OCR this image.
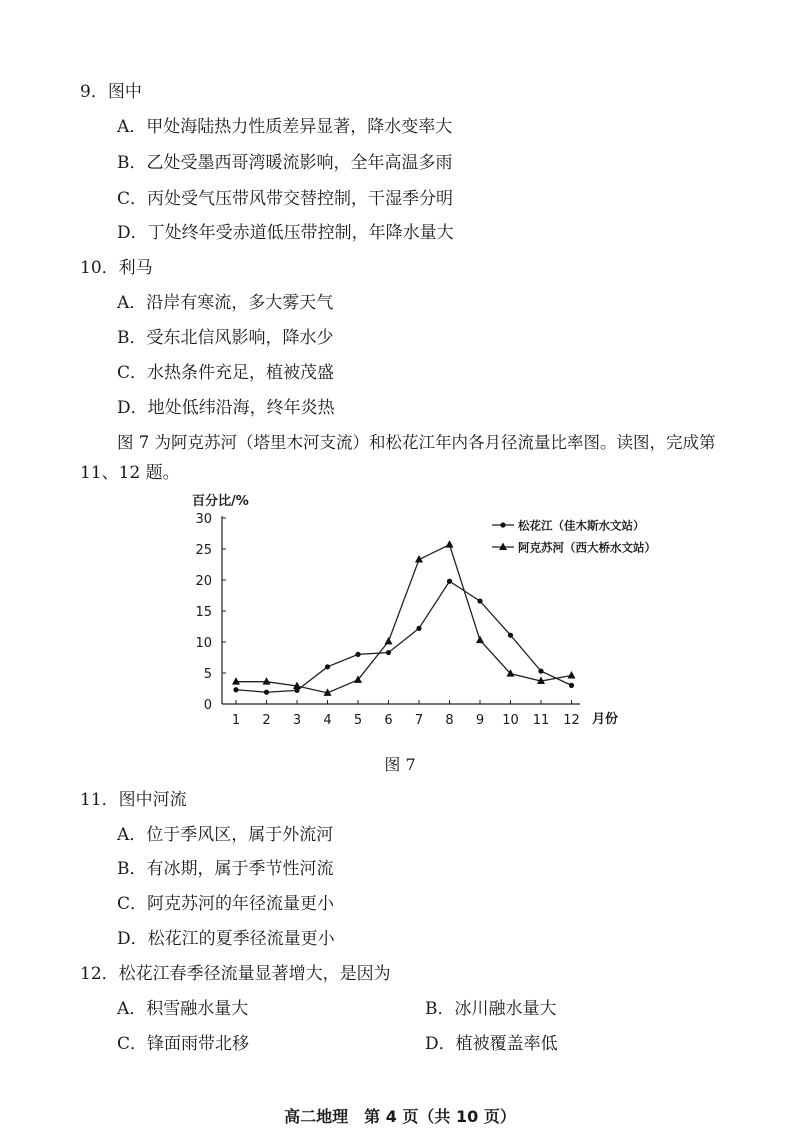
9．图中
A．甲处海陆热力性质差异显著，降水变率大
B．乙处受墨西哥湾暖流影响，全年高温多雨
C．丙处受气压带风带交替控制，干湿季分明
D．丁处终年受赤道低压带控制，年降水量大
10．利马
A．沿岸有寒流，多大雾天气
B．受东北信风影响，降水少
C．水热条件充足，植被茂盛
D．地处低纬沿海，终年炎热
图 7 为阿克苏河（塔里木河支流）和松花江年内各月径流量比率图。读图，完成第
11、12 题。
百分比/%
月份
0
5
10
15
20
25
30
1 2 3 4 5 6 7 8 9 10 11 12
松花江（佳木斯水文站）
阿克苏河（西大桥水文站）
图 7
11．图中河流
A．位于季风区，属于外流河
B．有冰期，属于季节性河流
C．阿克苏河的年径流量更小
D．松花江的夏季径流量更小
12．松花江春季径流量显著增大，是因为
A．积雪融水量大	B．冰川融水量大
C．锋面雨带北移	D．植被覆盖率低
高二地理　第 4 页（共 10 页）
